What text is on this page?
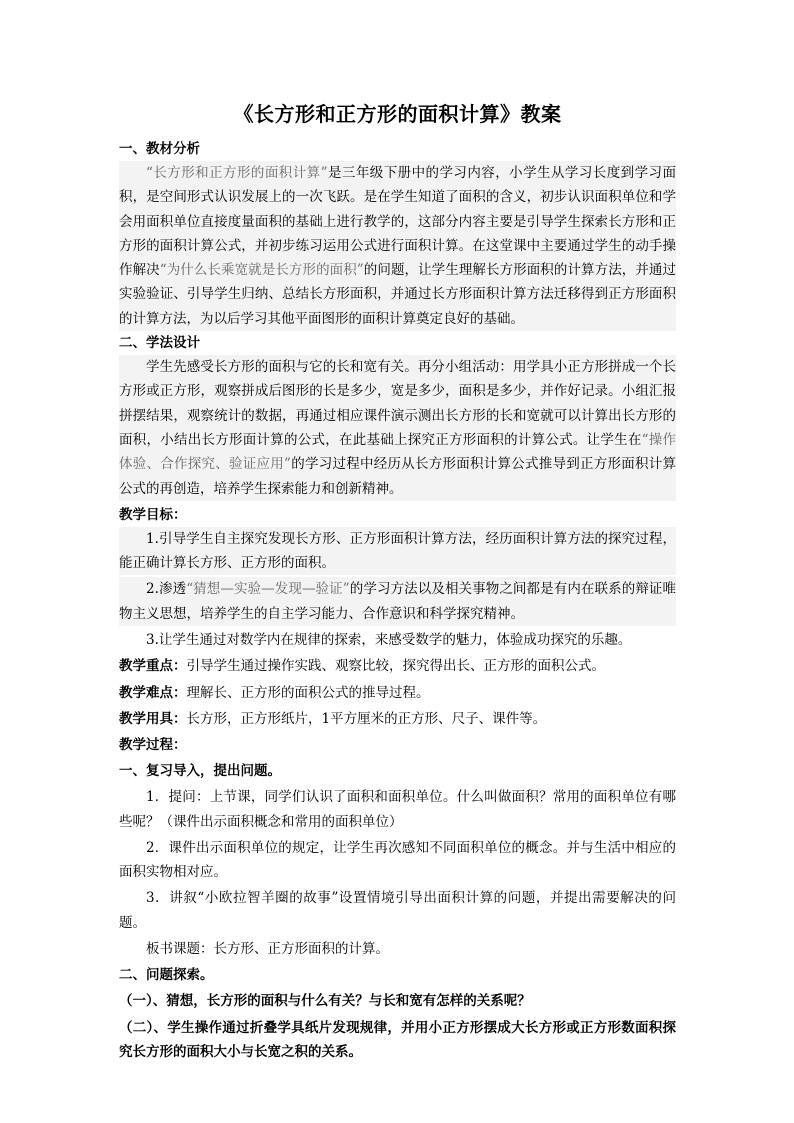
《长方形和正方形的面积计算》教案
一、教材分析

“长方形和正方形的面积计算”是三年级下册中的学习内容，小学生从学习长度到学习面积，是空间形式认识发展上的一次飞跃。是在学生知道了面积的含义，初步认识面积单位和学会用面积单位直接度量面积的基础上进行教学的，这部分内容主要是引导学生探索长方形和正方形的面积计算公式，并初步练习运用公式进行面积计算。在这堂课中主要通过学生的动手操作解决“为什么长乘宽就是长方形的面积”的问题，让学生理解长方形面积的计算方法，并通过实验验证、引导学生归纳、总结长方形面积，并通过长方形面积计算方法迁移得到正方形面积的计算方法，为以后学习其他平面图形的面积计算奠定良好的基础。

二、学法设计

学生先感受长方形的面积与它的长和宽有关。再分小组活动：用学具小正方形拼成一个长方形或正方形，观察拼成后图形的长是多少，宽是多少，面积是多少，并作好记录。小组汇报拼摆结果，观察统计的数据，再通过相应课件演示测出长方形的长和宽就可以计算出长方形的面积，小结出长方形面计算的公式，在此基础上探究正方形面积的计算公式。让学生在“操作体验、合作探究、验证应用”的学习过程中经历从长方形面积计算公式推导到正方形面积计算公式的再创造，培养学生探索能力和创新精神。

教学目标：

1.引导学生自主探究发现长方形、正方形面积计算方法，经历面积计算方法的探究过程，能正确计算长方形、正方形的面积。

2.渗透“猜想—实验—发现—验证”的学习方法以及相关事物之间都是有内在联系的辩证唯物主义思想，培养学生的自主学习能力、合作意识和科学探究精神。

3.让学生通过对数学内在规律的探索，来感受数学的魅力，体验成功探究的乐趣。

教学重点：引导学生通过操作实践、观察比较，探究得出长、正方形的面积公式。

教学难点：理解长、正方形的面积公式的推导过程。

教学用具：长方形，正方形纸片，1平方厘米的正方形、尺子、课件等。

教学过程：
一、复习导入，提出问题。

1．提问：上节课，同学们认识了面积和面积单位。什么叫做面积？常用的面积单位有哪些呢？（课件出示面积概念和常用的面积单位）

2．课件出示面积单位的规定，让学生再次感知不同面积单位的概念。并与生活中相应的面积实物相对应。

3．讲叙“小欧拉智羊圈的故事”设置情境引导出面积计算的问题，并提出需要解决的问题。

板书课题：长方形、正方形面积的计算。

二、问题探索。

（一）、猜想，长方形的面积与什么有关？与长和宽有怎样的关系呢？

（二）、学生操作通过折叠学具纸片发现规律，并用小正方形摆成大长方形或正方形数面积探究长方形的面积大小与长宽之积的关系。
